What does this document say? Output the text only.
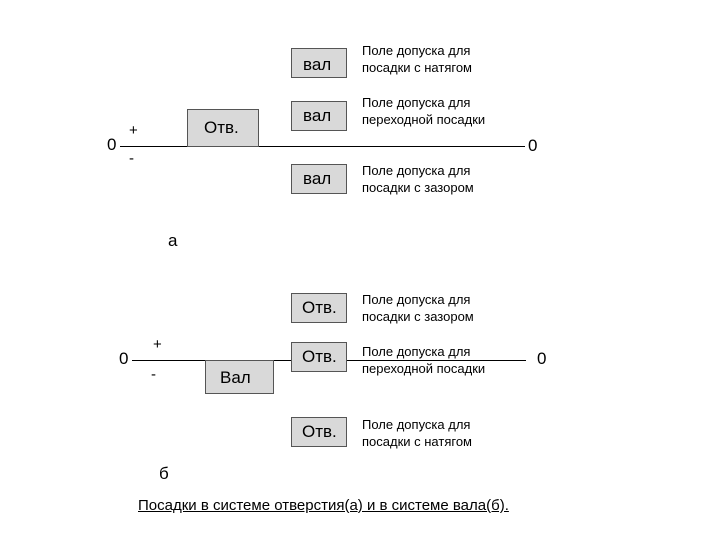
0
+
-
0
Отв.
вал
вал
вал
Поле допуска для
посадки с натягом
Поле допуска для
переходной посадки
Поле допуска для
посадки с зазором
а
0
+
-
0
Вал
Отв.
Отв.
Отв.
Поле допуска для
посадки с зазором
Поле допуска для
переходной посадки
Поле допуска для
посадки с натягом
б
Посадки в системе отверстия(а) и в системе вала(б).
